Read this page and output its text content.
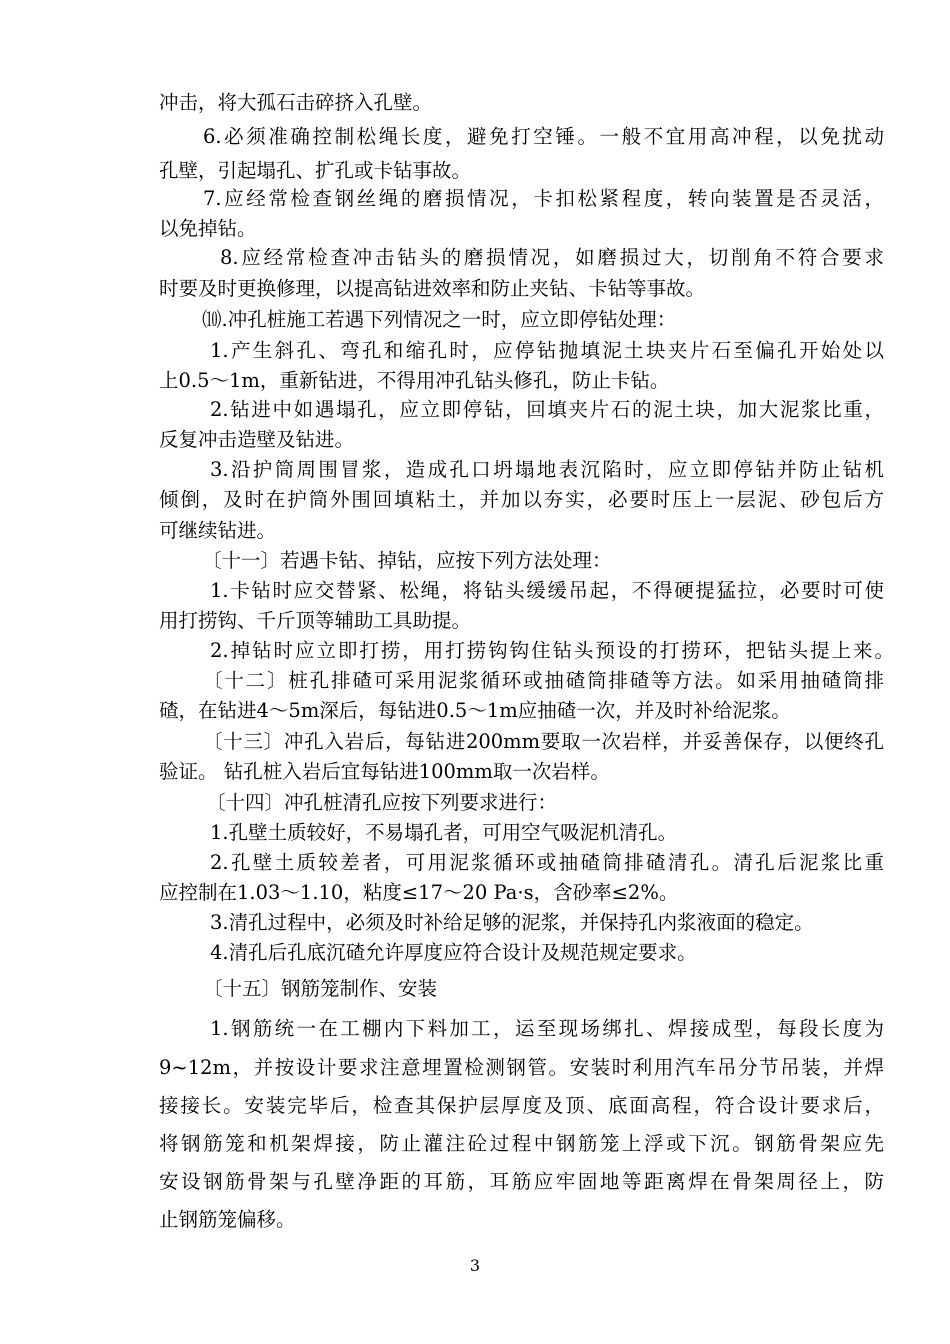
冲击，将大孤石击碎挤入孔壁。
6.必须准确控制松绳长度，避免打空锤。一般不宜用高冲程，以免扰动
孔壁，引起塌孔、扩孔或卡钻事故。
7.应经常检查钢丝绳的磨损情况，卡扣松紧程度，转向装置是否灵活，
以免掉钻。
8.应经常检查冲击钻头的磨损情况，如磨损过大，切削角不符合要求
时要及时更换修理，以提高钻进效率和防止夹钻、卡钻等事故。
⑽.冲孔桩施工若遇下列情况之一时，应立即停钻处理：
1.产生斜孔、弯孔和缩孔时，应停钻抛填泥土块夹片石至偏孔开始处以
上0.5～1m，重新钻进，不得用冲孔钻头修孔，防止卡钻。
2.钻进中如遇塌孔，应立即停钻，回填夹片石的泥土块，加大泥浆比重，
反复冲击造壁及钻进。
3.沿护筒周围冒浆，造成孔口坍塌地表沉陷时，应立即停钻并防止钻机
倾倒，及时在护筒外围回填粘土，并加以夯实，必要时压上一层泥、砂包后方
可继续钻进。
〔十一〕若遇卡钻、掉钻，应按下列方法处理：
1.卡钻时应交替紧、松绳，将钻头缓缓吊起，不得硬提猛拉，必要时可使
用打捞钩、千斤顶等辅助工具助提。
2.掉钻时应立即打捞，用打捞钩钩住钻头预设的打捞环，把钻头提上来。
〔十二〕桩孔排碴可采用泥浆循环或抽碴筒排碴等方法。如采用抽碴筒排
碴，在钻进4～5m深后，每钻进0.5～1m应抽碴一次，并及时补给泥浆。
〔十三〕冲孔入岩后，每钻进200mm要取一次岩样，并妥善保存，以便终孔
验证。 钻孔桩入岩后宜每钻进100mm取一次岩样。
〔十四〕冲孔桩清孔应按下列要求进行：
1.孔壁土质较好，不易塌孔者，可用空气吸泥机清孔。
2.孔壁土质较差者，可用泥浆循环或抽碴筒排碴清孔。清孔后泥浆比重
应控制在1.03～1.10，粘度≤17～20 Pa·s，含砂率≤2%。
3.清孔过程中，必须及时补给足够的泥浆，并保持孔内浆液面的稳定。
4.清孔后孔底沉碴允许厚度应符合设计及规范规定要求。
〔十五〕钢筋笼制作、安装
1.钢筋统一在工棚内下料加工，运至现场绑扎、焊接成型，每段长度为
9~12m，并按设计要求注意埋置检测钢管。安装时利用汽车吊分节吊装，并焊
接接长。安装完毕后，检查其保护层厚度及顶、底面高程，符合设计要求后，
将钢筋笼和机架焊接，防止灌注砼过程中钢筋笼上浮或下沉。钢筋骨架应先
安设钢筋骨架与孔壁净距的耳筋，耳筋应牢固地等距离焊在骨架周径上，防
止钢筋笼偏移。
3
